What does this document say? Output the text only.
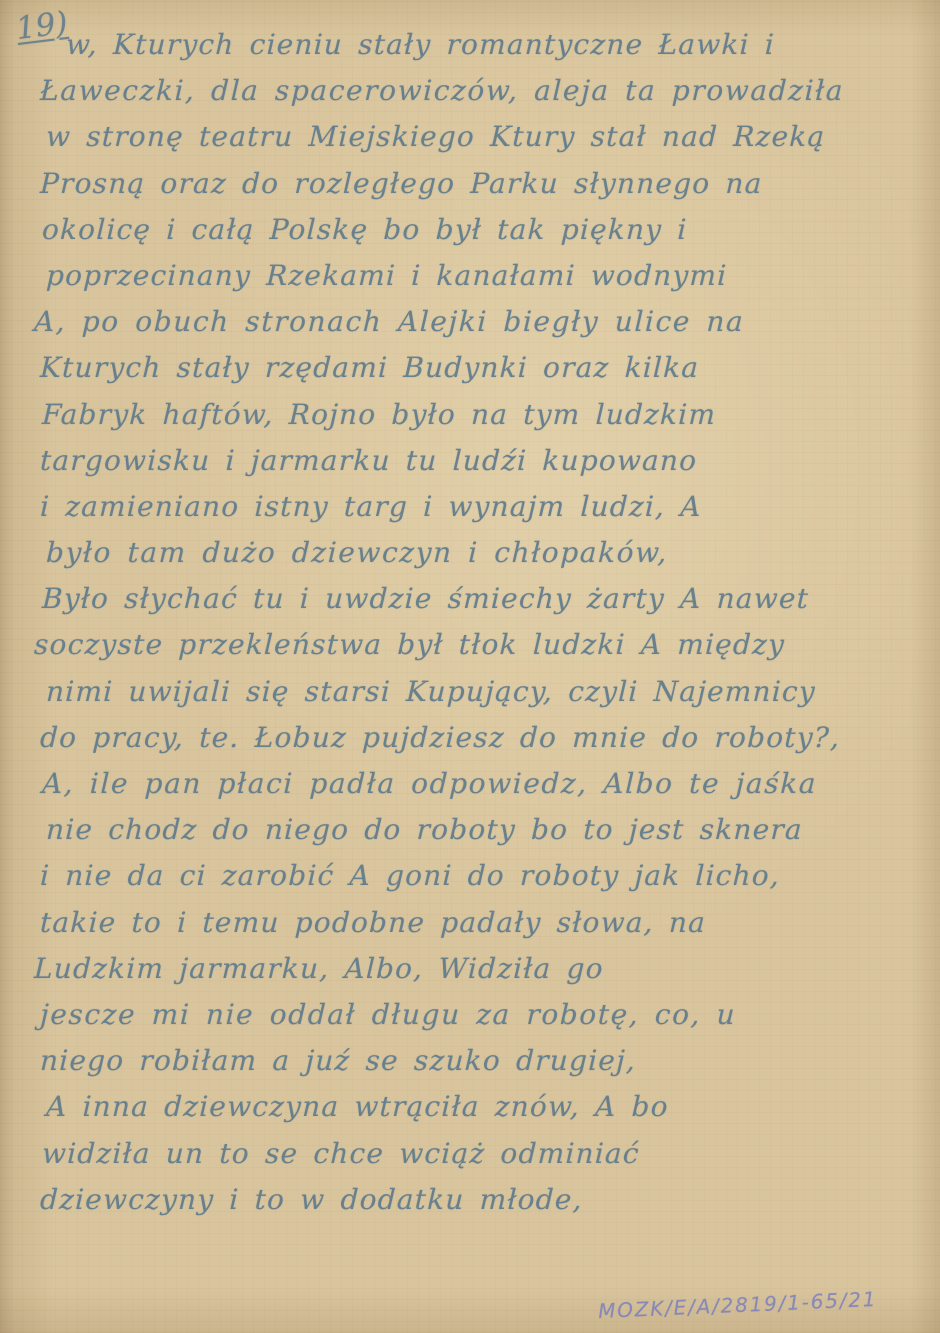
19)
w, Kturych cieniu stały romantyczne Ławki i
Ławeczki, dla spacerowiczów, aleja ta prowadziła
w stronę teatru Miejskiego Ktury stał nad Rzeką
Prosną oraz do rozległego Parku słynnego na
okolicę i całą Polskę bo był tak piękny i
poprzecinany Rzekami i kanałami wodnymi
A, po obuch stronach Alejki biegły ulice na
Kturych stały rzędami Budynki oraz kilka
Fabryk haftów, Rojno było na tym ludzkim
targowisku i jarmarku tu ludźi kupowano
i zamieniano istny targ i wynajm ludzi, A
było tam dużo dziewczyn i chłopaków,
Było słychać tu i uwdzie śmiechy żarty A nawet
soczyste przekleństwa był tłok ludzki A między
nimi uwijali się starsi Kupujący, czyli Najemnicy
do pracy, te. Łobuz pujdziesz do mnie do roboty?,
A, ile pan płaci padła odpowiedz, Albo te jaśka
nie chodz do niego do roboty bo to jest sknera
i nie da ci zarobić A goni do roboty jak licho,
takie to i temu podobne padały słowa, na
Ludzkim jarmarku, Albo, Widziła go
jescze mi nie oddał długu za robotę, co, u
niego robiłam a juź se szuko drugiej,
A inna dziewczyna wtrąciła znów, A bo
widziła un to se chce wciąż odminiać
dziewczyny i to w dodatku młode,
MOZK/E/A/2819/1-65/21
